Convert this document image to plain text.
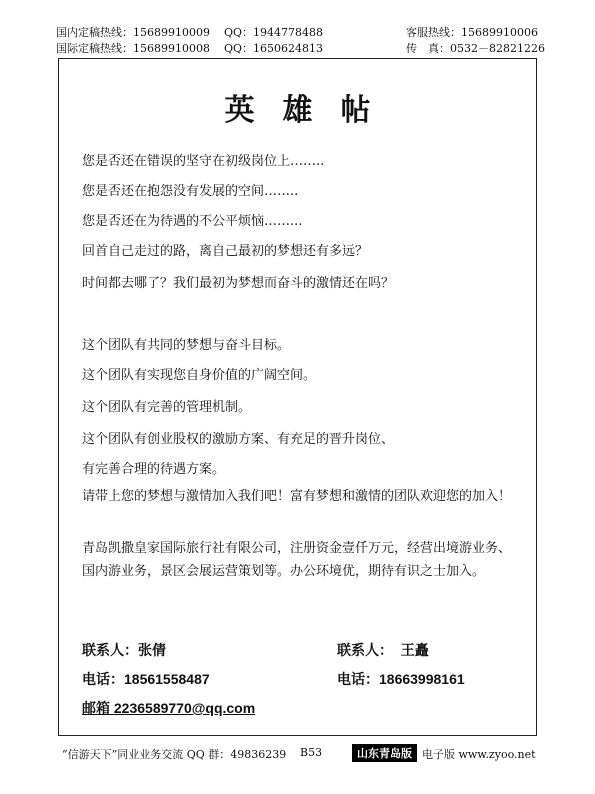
国内定稿热线：15689910009 QQ：1944778488
国际定稿热线：15689910008 QQ：1650624813
客服热线：15689910006
传　真：0532－82821226
英雄帖
您是否还在错误的坚守在初级岗位上……..
您是否还在抱怨没有发展的空间……..
您是否还在为待遇的不公平烦恼……...
回首自己走过的路，离自己最初的梦想还有多远？
时间都去哪了？我们最初为梦想而奋斗的激情还在吗？
这个团队有共同的梦想与奋斗目标。
这个团队有实现您自身价值的广阔空间。
这个团队有完善的管理机制。
这个团队有创业股权的激励方案、有充足的晋升岗位、
有完善合理的待遇方案。
请带上您的梦想与激情加入我们吧！富有梦想和激情的团队欢迎您的加入！
青岛凯撒皇家国际旅行社有限公司，注册资金壹仟万元，经营出境游业务、国内游业务，景区会展运营策划等。办公环境优，期待有识之士加入。
联系人：张倩	联系人： 王矗
电话：18561558487	电话：18663998161
邮箱 2236589770@qq.com
“信游天下”同业业务交流 QQ 群：49836239 B53	山东青岛版 电子版 www.zyoo.net
